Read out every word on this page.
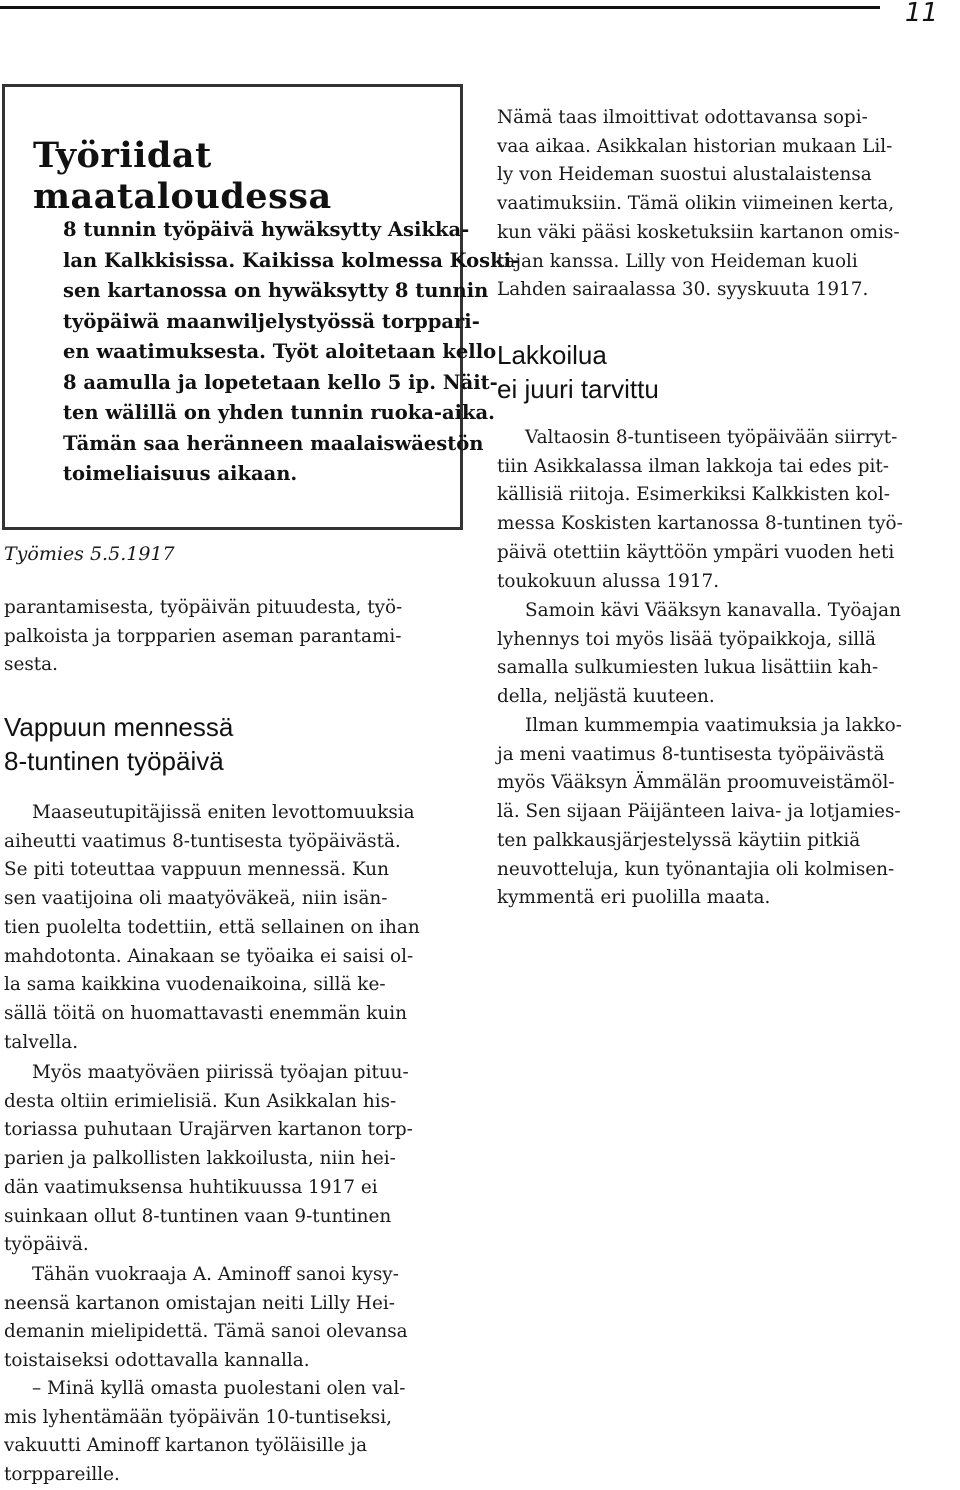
11
Työriidat maataloudessa

8 tunnin työpäivä hywäksytty Asikka-
lan Kalkkisissa. Kaikissa kolmessa Koski-
sen kartanossa on hywäksytty 8 tunnin
työpäiwä maanwiljelystyössä torppari-
en waatimuksesta. Työt aloitetaan kello
8 aamulla ja lopetetaan kello 5 ip. Näit-
ten wälillä on yhden tunnin ruoka-aika.
Tämän saa heränneen maalaiswäestön
toimeliaisuus aikaan.

Työmies 5.5.1917
parantamisesta, työpäivän pituudesta, työ-
palkoista ja torpparien aseman parantami-
sesta.
Vappuun mennessä
8-tuntinen työpäivä
Maaseutupitäjissä eniten levottomuuksia
aiheutti vaatimus 8-tuntisesta työpäivästä.
Se piti toteuttaa vappuun mennessä. Kun
sen vaatijoina oli maatyöväkeä, niin isän-
tien puolelta todettiin, että sellainen on ihan
mahdotonta. Ainakaan se työaika ei saisi ol-
la sama kaikkina vuodenaikoina, sillä ke-
sällä töitä on huomattavasti enemmän kuin
talvella.
Myös maatyöväen piirissä työajan pituu-
desta oltiin erimielisiä. Kun Asikkalan his-
toriassa puhutaan Urajärven kartanon torp-
parien ja palkollisten lakkoilusta, niin hei-
dän vaatimuksensa huhtikuussa 1917 ei
suinkaan ollut 8-tuntinen vaan 9-tuntinen
työpäivä.
Tähän vuokraaja A. Aminoff sanoi kysy-
neensä kartanon omistajan neiti Lilly Hei-
demanin mielipidettä. Tämä sanoi olevansa
toistaiseksi odottavalla kannalla.
– Minä kyllä omasta puolestani olen val-
mis lyhentämään työpäivän 10-tuntiseksi,
vakuutti Aminoff kartanon työläisille ja
torppareille.
Nämä taas ilmoittivat odottavansa sopi-
vaa aikaa. Asikkalan historian mukaan Lil-
ly von Heideman suostui alustalaistensa
vaatimuksiin. Tämä olikin viimeinen kerta,
kun väki pääsi kosketuksiin kartanon omis-
tajan kanssa. Lilly von Heideman kuoli
Lahden sairaalassa 30. syyskuuta 1917.
Lakkoilua
ei juuri tarvittu
Valtaosin 8-tuntiseen työpäivään siirryt-
tiin Asikkalassa ilman lakkoja tai edes pit-
källisiä riitoja. Esimerkiksi Kalkkisten kol-
messa Koskisten kartanossa 8-tuntinen työ-
päivä otettiin käyttöön ympäri vuoden heti
toukokuun alussa 1917.
Samoin kävi Vääksyn kanavalla. Työajan
lyhennys toi myös lisää työpaikkoja, sillä
samalla sulkumiesten lukua lisättiin kah-
della, neljästä kuuteen.
Ilman kummempia vaatimuksia ja lakko-
ja meni vaatimus 8-tuntisesta työpäivästä
myös Vääksyn Ämmälän proomuveistämöl-
lä. Sen sijaan Päijänteen laiva- ja lotjamies-
ten palkkausjärjestelyssä käytiin pitkiä
neuvotteluja, kun työnantajia oli kolmisen-
kymmentä eri puolilla maata.
